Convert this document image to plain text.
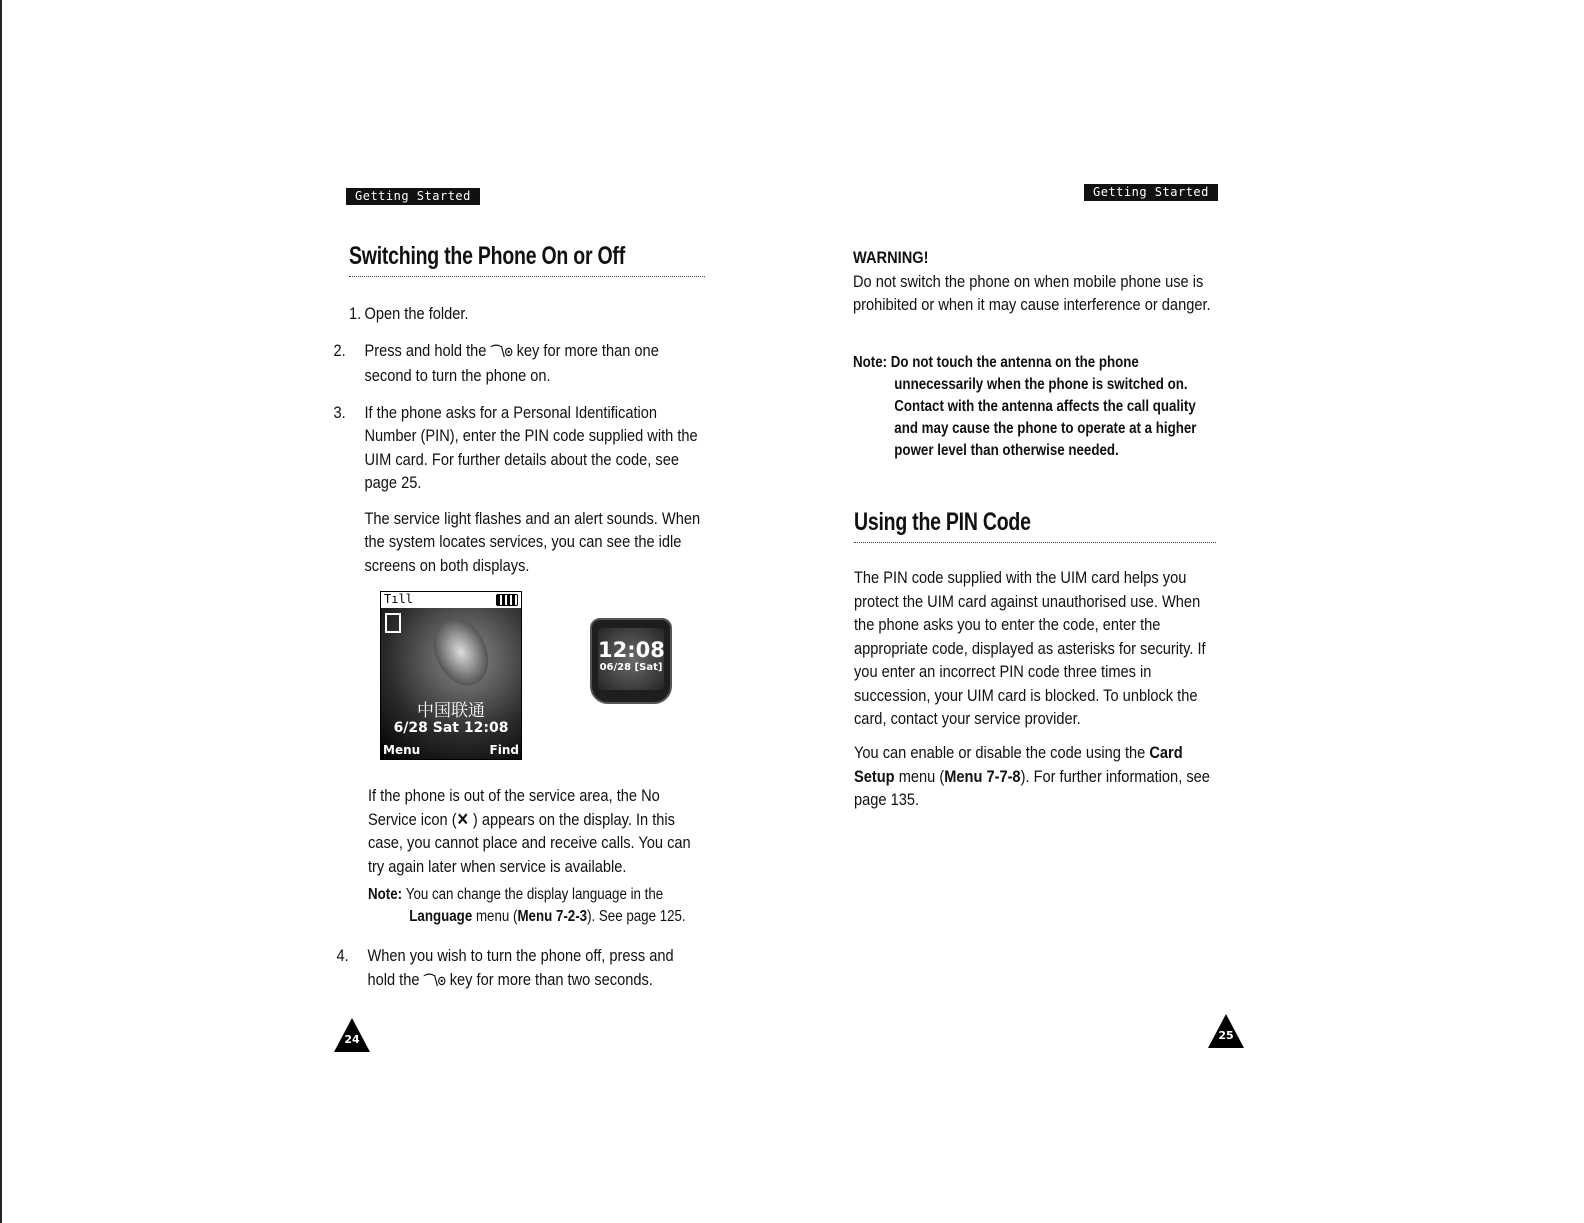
Getting Started
Switching the Phone On or Off
1. Open the folder.
2. Press and hold the ⌒\⊙ key for more than one second to turn the phone on.
3. If the phone asks for a Personal Identification Number (PIN), enter the PIN code supplied with the UIM card. For further details about the code, see page 25.
The service light flashes and an alert sounds. When the system locates services, you can see the idle screens on both displays.
Tıll
中国联通
6/28 Sat 12:08
Menu	Find
12:08
06/28 [Sat]
If the phone is out of the service area, the No Service icon (✕ ) appears on the display. In this case, you cannot place and receive calls. You can try again later when service is available.
Note: You can change the display language in the
Language menu (Menu 7-2-3). See page 125.
4. When you wish to turn the phone off, press and hold the ⌒\⊙ key for more than two seconds.
24
Getting Started
WARNING!
Do not switch the phone on when mobile phone use is prohibited or when it may cause interference or danger.
Note: Do not touch the antenna on the phone
unnecessarily when the phone is switched on. Contact with the antenna affects the call quality and may cause the phone to operate at a higher power level than otherwise needed.
Using the PIN Code
The PIN code supplied with the UIM card helps you protect the UIM card against unauthorised use. When the phone asks you to enter the code, enter the appropriate code, displayed as asterisks for security. If you enter an incorrect PIN code three times in succession, your UIM card is blocked. To unblock the card, contact your service provider.
You can enable or disable the code using the Card Setup menu (Menu 7-7-8). For further information, see page 135.
25
